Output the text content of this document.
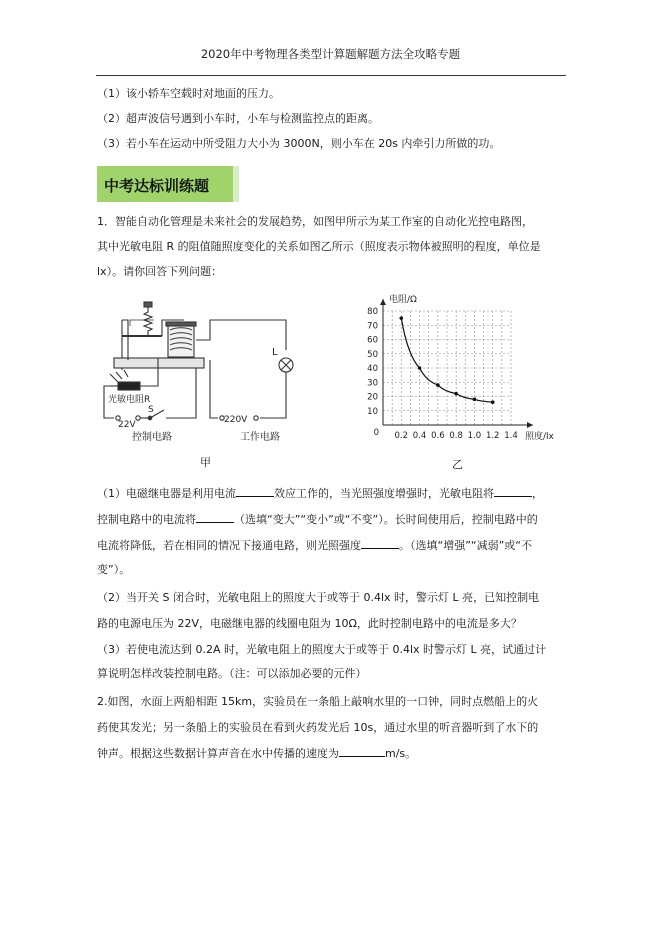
2020年中考物理各类型计算题解题方法全攻略专题
（1）该小轿车空载时对地面的压力。
（2）超声波信号遇到小车时，小车与检测监控点的距离。
（3）若小车在运动中所受阻力大小为 3000N，则小车在 20s 内牵引力所做的功。
中考达标训练题
1．智能自动化管理是未来社会的发展趋势，如图甲所示为某工作室的自动化光控电路图，
其中光敏电阻 R 的阻值随照度变化的关系如图乙所示（照度表示物体被照明的程度，单位是
lx）。请你回答下列问题：
L
光敏电阻R
S
22V	220V
控制电路	工作电路
甲
10
20
30
40
50
60
70
80
0 0.2 0.4 0.6 0.8 1.0 1.2 1.4
电阻/Ω
照度/lx
乙
（1）电磁继电器是利用电流	效应工作的，当光照强度增强时，光敏电阻将	，
控制电路中的电流将	（选填“变大”“变小”或“不变”）。长时间使用后，控制电路中的
电流将降低，若在相同的情况下接通电路，则光照强度	。（选填“增强”“减弱”或“不
变”）。
（2）当开关 S 闭合时，光敏电阻上的照度大于或等于 0.4lx 时，警示灯 L 亮，已知控制电
路的电源电压为 22V，电磁继电器的线圈电阻为 10Ω，此时控制电路中的电流是多大？
（3）若使电流达到 0.2A 时，光敏电阻上的照度大于或等于 0.4lx 时警示灯 L 亮，试通过计
算说明怎样改装控制电路。（注：可以添加必要的元件）
2.如图，水面上两船相距 15km，实验员在一条船上敲响水里的一口钟，同时点燃船上的火
药使其发光；另一条船上的实验员在看到火药发光后 10s，通过水里的听音器听到了水下的
钟声。根据这些数据计算声音在水中传播的速度为	m/s。
